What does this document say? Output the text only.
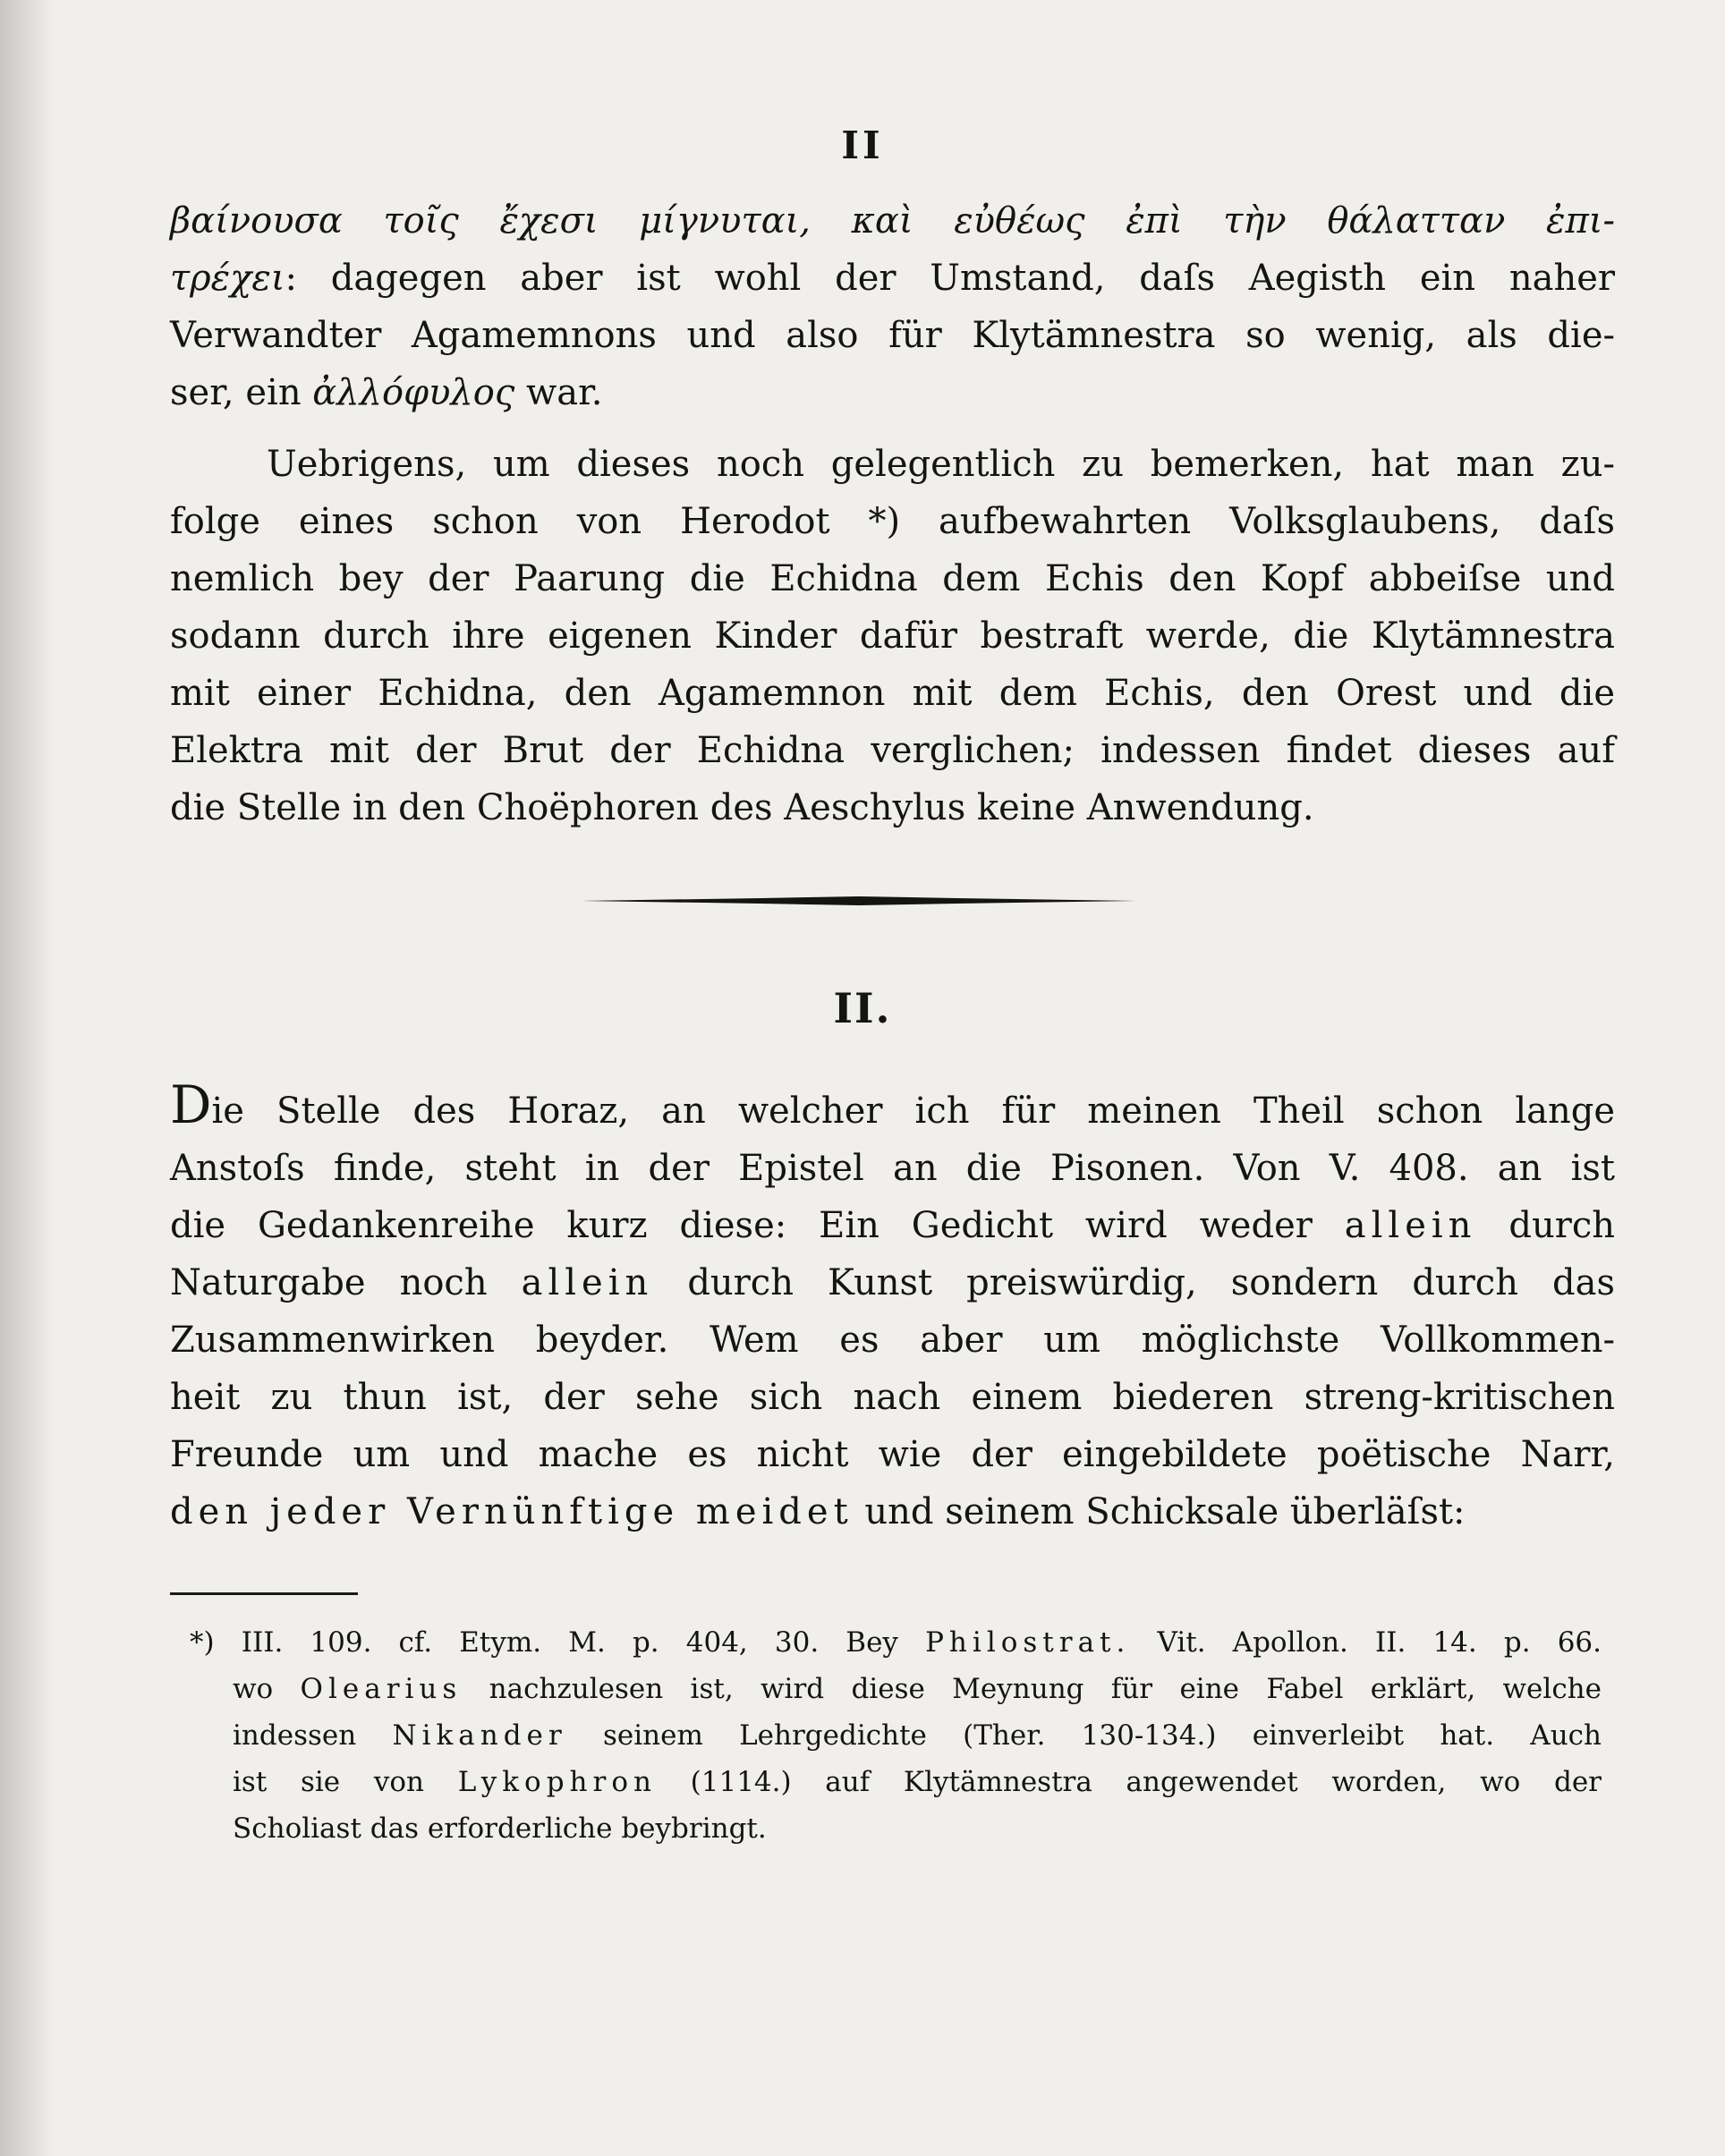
II
βαίνουσα τοῖς ἔχεσι μίγνυται, καὶ εὐθέως ἐπὶ τὴν θάλατταν ἐπι-
τρέχει: dagegen aber ist wohl der Umstand, daſs Aegisth ein naher
Verwandter Agamemnons und also für Klytämnestra so wenig, als die-
ser, ein ἀλλόφυλος war.
Uebrigens, um dieses noch gelegentlich zu bemerken, hat man zu-
folge eines schon von Herodot *) aufbewahrten Volksglaubens, daſs
nemlich bey der Paarung die Echidna dem Echis den Kopf abbeiſse und
sodann durch ihre eigenen Kinder dafür bestraft werde, die Klytämnestra
mit einer Echidna, den Agamemnon mit dem Echis, den Orest und die
Elektra mit der Brut der Echidna verglichen; indessen findet dieses auf
die Stelle in den Choëphoren des Aeschylus keine Anwendung.
II.
Die Stelle des Horaz, an welcher ich für meinen Theil schon lange
Anstoſs finde, steht in der Epistel an die Pisonen. Von V. 408. an ist
die Gedankenreihe kurz diese: Ein Gedicht wird weder allein durch
Naturgabe noch allein durch Kunst preiswürdig, sondern durch das
Zusammenwirken beyder. Wem es aber um möglichste Vollkommen-
heit zu thun ist, der sehe sich nach einem biederen streng-kritischen
Freunde um und mache es nicht wie der eingebildete poëtische Narr,
den jeder Vernünftige meidet und seinem Schicksale überläſst:
*) III. 109. cf. Etym. M. p. 404, 30. Bey Philostrat. Vit. Apollon. II. 14. p. 66.
wo Olearius nachzulesen ist, wird diese Meynung für eine Fabel erklärt, welche
indessen Nikander seinem Lehrgedichte (Ther. 130-134.) einverleibt hat. Auch
ist sie von Lykophron (1114.) auf Klytämnestra angewendet worden, wo der
Scholiast das erforderliche beybringt.
